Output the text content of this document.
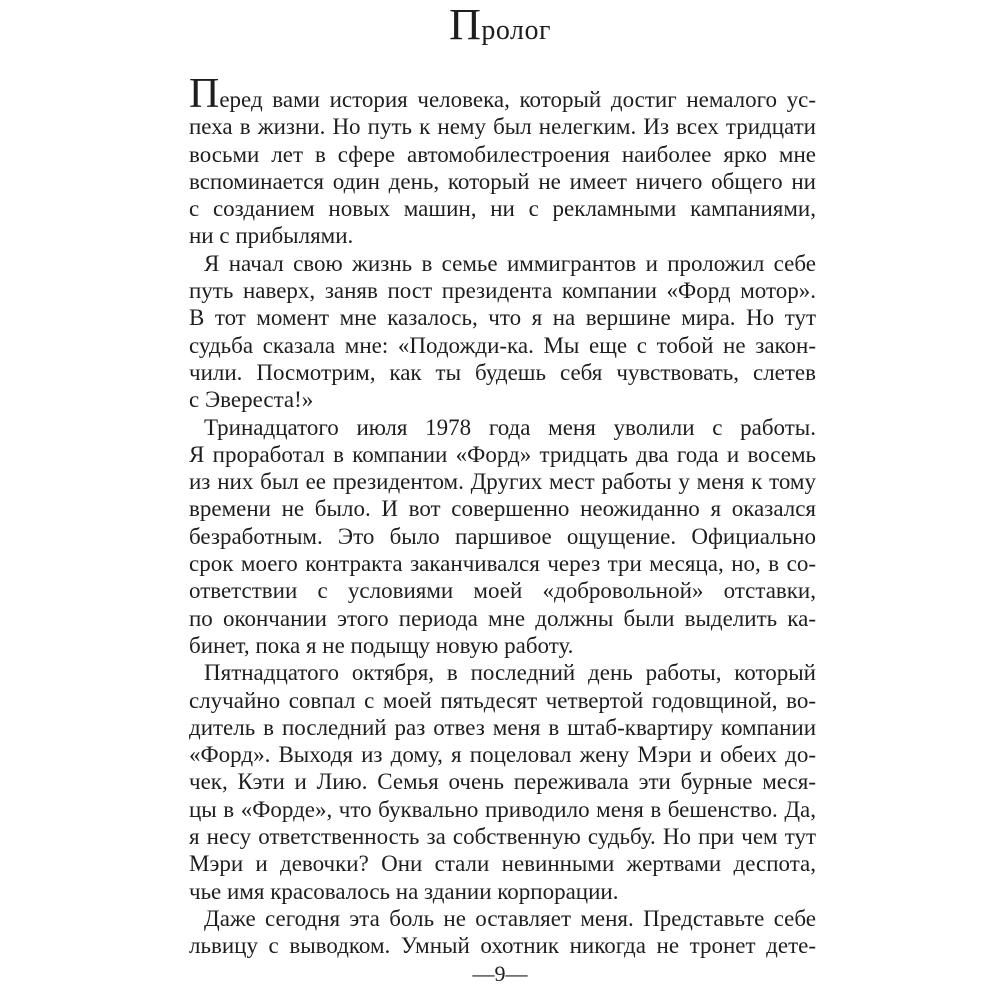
Пролог

Перед вами история человека, который достиг немалого ус-
пеха в жизни. Но путь к нему был нелегким. Из всех тридцати
восьми лет в сфере автомобилестроения наиболее ярко мне
вспоминается один день, который не имеет ничего общего ни
с созданием новых машин, ни с рекламными кампаниями,
ни с прибылями.

Я начал свою жизнь в семье иммигрантов и проложил себе
путь наверх, заняв пост президента компании «Форд мотор».
В тот момент мне казалось, что я на вершине мира. Но тут
судьба сказала мне: «Подожди-ка. Мы еще с тобой не закон-
чили. Посмотрим, как ты будешь себя чувствовать, слетев
с Эвереста!»

Тринадцатого июля 1978 года меня уволили с работы.
Я проработал в компании «Форд» тридцать два года и восемь
из них был ее президентом. Других мест работы у меня к тому
времени не было. И вот совершенно неожиданно я оказался
безработным. Это было паршивое ощущение. Официально
срок моего контракта заканчивался через три месяца, но, в со-
ответствии с условиями моей «добровольной» отставки,
по окончании этого периода мне должны были выделить ка-
бинет, пока я не подыщу новую работу.

Пятнадцатого октября, в последний день работы, который
случайно совпал с моей пятьдесят четвертой годовщиной, во-
дитель в последний раз отвез меня в штаб-квартиру компании
«Форд». Выходя из дому, я поцеловал жену Мэри и обеих до-
чек, Кэти и Лию. Семья очень переживала эти бурные меся-
цы в «Форде», что буквально приводило меня в бешенство. Да,
я несу ответственность за собственную судьбу. Но при чем тут
Мэри и девочки? Они стали невинными жертвами деспота,
чье имя красовалось на здании корпорации.

Даже сегодня эта боль не оставляет меня. Представьте себе
львицу с выводком. Умный охотник никогда не тронет дете-

—9—
